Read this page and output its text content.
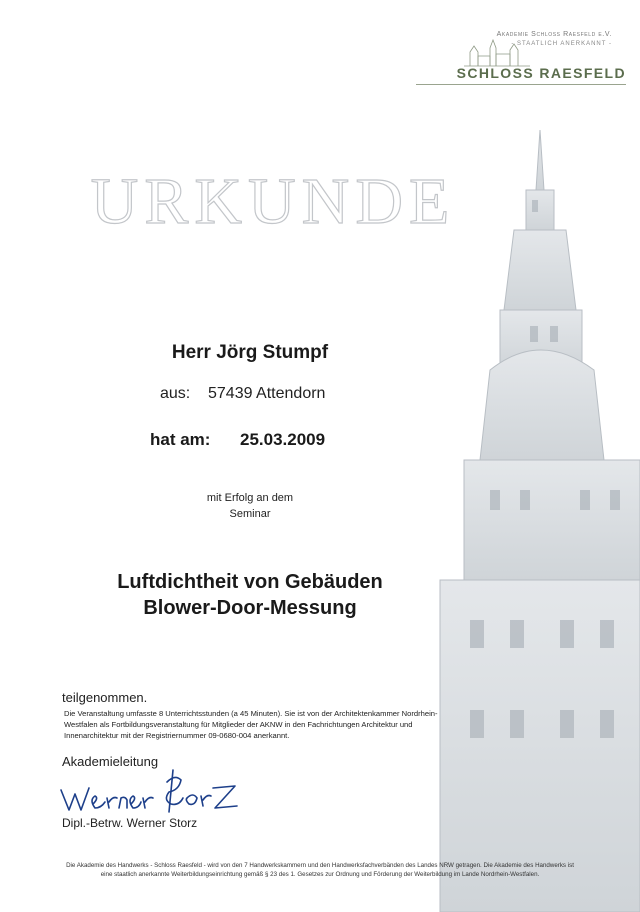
Akademie Schloss Raesfeld e.V.
- STAATLICH ANERKANNT -
SCHLOSS RAESFELD
URKUNDE
Herr Jörg Stumpf
aus: 57439 Attendorn
hat am: 25.03.2009
mit Erfolg an dem
Seminar
Luftdichtheit von Gebäuden
Blower-Door-Messung
teilgenommen.
Die Veranstaltung umfasste 8 Unterrichtsstunden (a 45 Minuten). Sie ist von der Architektenkammer Nordrhein-Westfalen als Fortbildungsveranstaltung für Mitglieder der AKNW in den Fachrichtungen Architektur und Innenarchitektur mit der Registriernummer 09-0680-004 anerkannt.
Akademieleitung
Dipl.-Betrw. Werner Storz
Die Akademie des Handwerks - Schloss Raesfeld - wird von den 7 Handwerkskammern und den Handwerksfachverbänden des Landes NRW getragen. Die Akademie des Handwerks ist eine staatlich anerkannte Weiterbildungseinrichtung gemäß § 23 des 1. Gesetzes zur Ordnung und Förderung der Weiterbildung im Lande Nordrhein-Westfalen.
